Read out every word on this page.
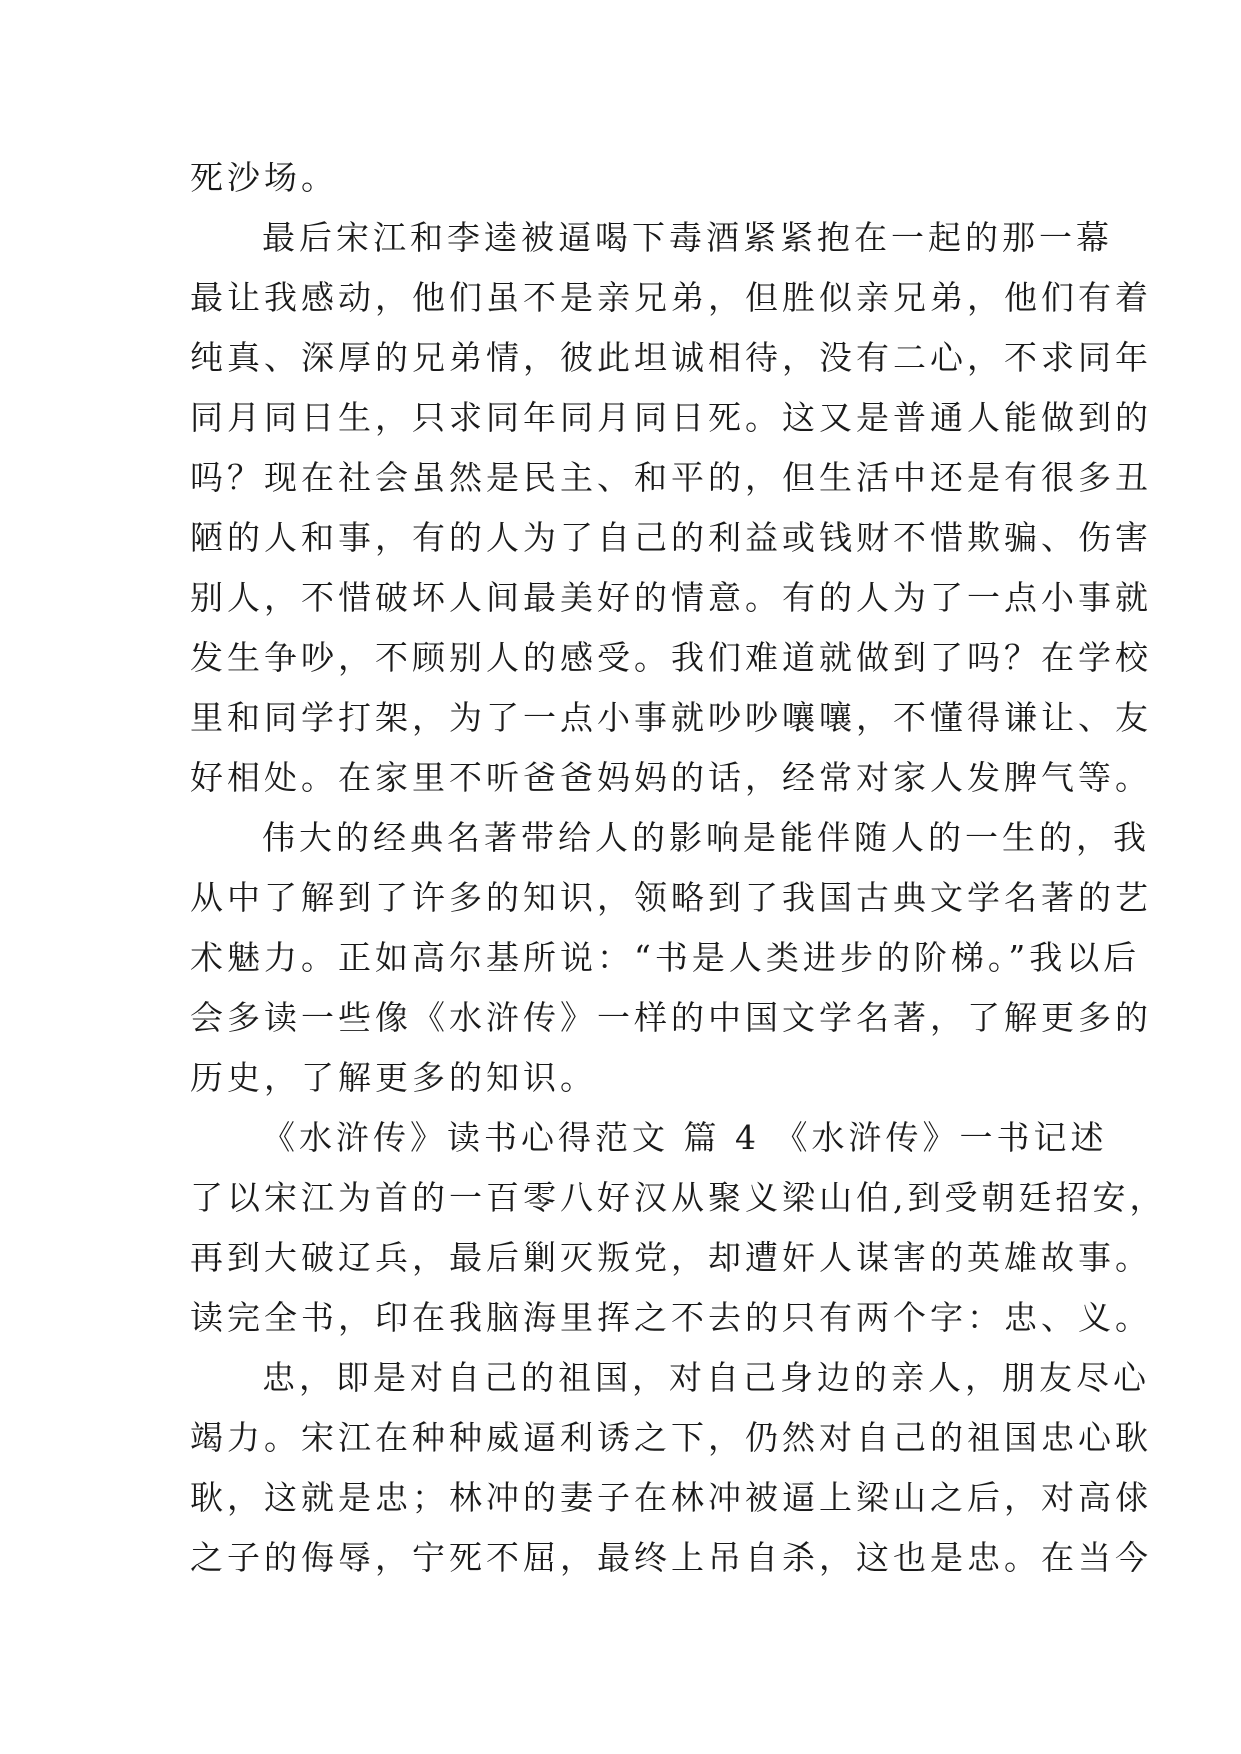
死沙场。
最后宋江和李逵被逼喝下毒酒紧紧抱在一起的那一幕
最让我感动，他们虽不是亲兄弟，但胜似亲兄弟，他们有着
纯真、深厚的兄弟情，彼此坦诚相待，没有二心，不求同年
同月同日生，只求同年同月同日死。这又是普通人能做到的
吗？现在社会虽然是民主、和平的，但生活中还是有很多丑
陋的人和事，有的人为了自己的利益或钱财不惜欺骗、伤害
别人，不惜破坏人间最美好的情意。有的人为了一点小事就
发生争吵，不顾别人的感受。我们难道就做到了吗？在学校
里和同学打架，为了一点小事就吵吵嚷嚷，不懂得谦让、友
好相处。在家里不听爸爸妈妈的话，经常对家人发脾气等。
伟大的经典名著带给人的影响是能伴随人的一生的，我
从中了解到了许多的知识，领略到了我国古典文学名著的艺
术魅力。正如高尔基所说：“书是人类进步的阶梯。”我以后
会多读一些像《水浒传》一样的中国文学名著，了解更多的
历史，了解更多的知识。
《水浒传》读书心得范文 篇 4 《水浒传》一书记述
了以宋江为首的一百零八好汉从聚义梁山伯,到受朝廷招安，
再到大破辽兵，最后剿灭叛党，却遭奸人谋害的英雄故事。
读完全书，印在我脑海里挥之不去的只有两个字：忠、义。
忠，即是对自己的祖国，对自己身边的亲人，朋友尽心
竭力。宋江在种种威逼利诱之下，仍然对自己的祖国忠心耿
耿，这就是忠；林冲的妻子在林冲被逼上梁山之后，对高俅
之子的侮辱，宁死不屈，最终上吊自杀，这也是忠。在当今
